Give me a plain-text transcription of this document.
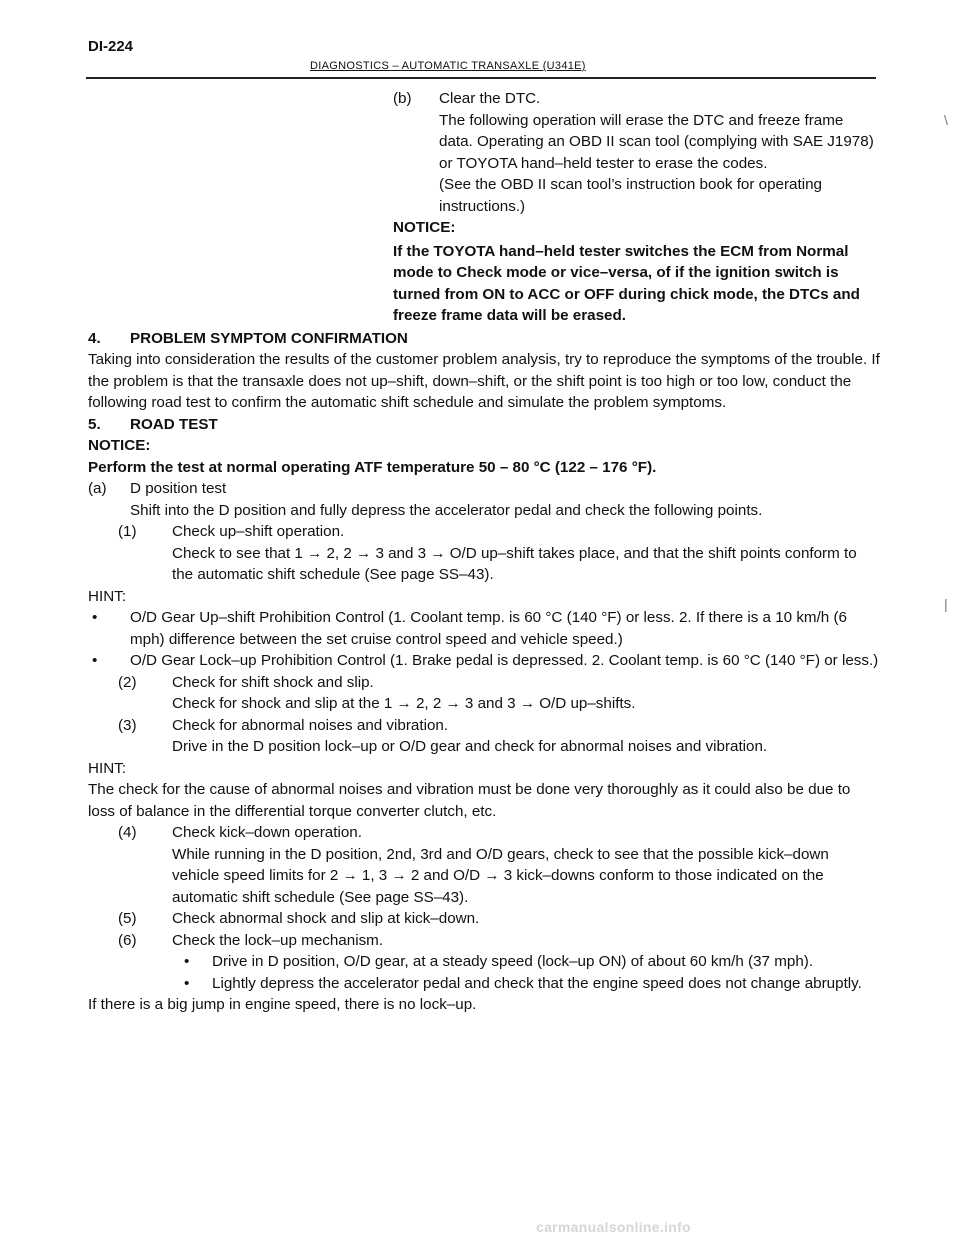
DI-224
DIAGNOSTICS – AUTOMATIC TRANSAXLE (U341E)
\
|
(b)	Clear the DTC.

The following operation will erase the DTC and freeze frame data. Operating an OBD II scan tool (complying with SAE J1978) or TOYOTA hand–held tester to erase the codes.

(See the OBD II scan tool’s instruction book for operating instructions.)

NOTICE:

If the TOYOTA hand–held tester switches the ECM from Normal mode to Check mode or vice–versa, of if the ignition switch is turned from ON to ACC or OFF during chick mode, the DTCs and freeze frame data will be erased.

4. PROBLEM SYMPTOM CONFIRMATION

Taking into consideration the results of the customer problem analysis, try to reproduce the symptoms of the trouble. If the problem is that the transaxle does not up–shift, down–shift, or the shift point is too high or too low, conduct the following road test to confirm the automatic shift schedule and simulate the problem symptoms.

5. ROAD TEST

NOTICE:

Perform the test at normal operating ATF temperature 50 – 80 °C (122 – 176 °F).

(a)	D position test

Shift into the D position and fully depress the accelerator pedal and check the following points.

(1)	Check up–shift operation.

Check to see that 1 → 2, 2 → 3 and 3 → O/D up–shift takes place, and that the shift points conform to the automatic shift schedule (See page SS–43).

HINT:

•	O/D Gear Up–shift Prohibition Control (1. Coolant temp. is 60 °C (140 °F) or less. 2. If there is a 10 km/h (6 mph) difference between the set cruise control speed and vehicle speed.)
•	O/D Gear Lock–up Prohibition Control (1. Brake pedal is depressed. 2. Coolant temp. is 60 °C (140 °F) or less.)
(2)	Check for shift shock and slip.

Check for shock and slip at the 1 → 2, 2 → 3 and 3 → O/D up–shifts.

(3)	Check for abnormal noises and vibration.

Drive in the D position lock–up or O/D gear and check for abnormal noises and vibration.

HINT:

The check for the cause of abnormal noises and vibration must be done very thoroughly as it could also be due to loss of balance in the differential torque converter clutch, etc.

(4)	Check kick–down operation.

While running in the D position, 2nd, 3rd and O/D gears, check to see that the possible kick–down vehicle speed limits for 2 → 1, 3 → 2 and O/D → 3 kick–downs conform to those indicated on the automatic shift schedule (See page SS–43).

(5)	Check abnormal shock and slip at kick–down.

(6)	Check the lock–up mechanism.

•	Drive in D position, O/D gear, at a steady speed (lock–up ON) of about 60 km/h (37 mph).
•	Lightly depress the accelerator pedal and check that the engine speed does not change abruptly.

If there is a big jump in engine speed, there is no lock–up.

carmanualsonline.info
